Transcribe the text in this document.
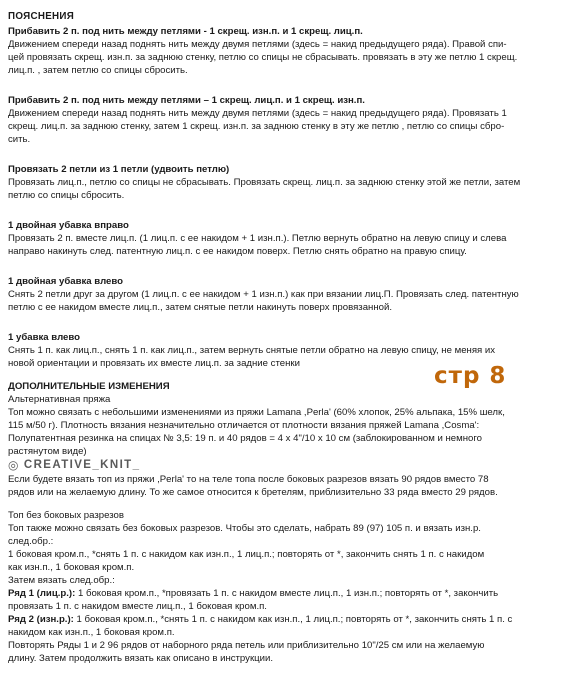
ПОЯСНЕНИЯ

Прибавить 2 п. под нить между петлями - 1 скрещ. изн.п. и 1 скрещ. лиц.п.

Движением спереди назад поднять нить между двумя петлями (здесь = накид предыдущего ряда). Правой спи-

цей провязать скрещ. изн.п. за заднюю стенку, петлю со спицы не сбрасывать. провязать в эту же петлю 1 скрещ.

лиц.п. , затем петлю со спицы сбросить.

Прибавить 2 п. под нить между петлями – 1 скрещ. лиц.п. и 1 скрещ. изн.п.

Движением спереди назад поднять нить между двумя петлями (здесь = накид предыдущего ряда). Провязать 1

скрещ. лиц.п. за заднюю стенку, затем 1 скрещ. изн.п. за заднюю стенку в эту же петлю , петлю со спицы сбро-

сить.

Провязать 2 петли из 1 петли (удвоить петлю)

Провязать лиц.п., петлю со спицы не сбрасывать. Провязать скрещ. лиц.п. за заднюю стенку этой же петли, затем

петлю со спицы сбросить.

1 двойная убавка вправо

Провязать 2 п. вместе лиц.п. (1 лиц.п. с ее накидом + 1 изн.п.). Петлю вернуть обратно на левую спицу и слева

направо накинуть след. патентную лиц.п. с ее накидом поверх. Петлю снять обратно на правую спицу.

1 двойная убавка влево

Снять 2 петли друг за другом (1 лиц.п. с ее накидом + 1 изн.п.) как при вязании лиц.П. Провязать след. патентную

петлю с ее накидом вместе лиц.п., затем снятые петли накинуть поверх провязанной.

1 убавка влево

Снять 1 п. как лиц.п., снять 1 п. как лиц.п., затем вернуть снятые петли обратно на левую спицу, не меняя их

новой ориентации и провязать их вместе лиц.п. за задние стенки

ДОПОЛНИТЕЛЬНЫЕ ИЗМЕНЕНИЯ

Альтернативная пряжа

Топ можно связать с небольшими изменениями из пряжи Lamana ,Perla' (60% хлопок, 25% альпака, 15% шелк,

115 м/50 г). Плотность вязания незначительно отличается от плотности вязания пряжей Lamana ,Cosma':

Полупатентная резинка на спицах № 3,5: 19 п. и 40 рядов = 4 х 4"/10 х 10 см (заблокированном и немного

растянутом виде)

◎ CREATIVE_KNIT_

Если будете вязать топ из пряжи ,Perla' то на теле топа после боковых разрезов вязать 90 рядов вместо 78

рядов или на желаемую длину. То же самое относится к бретелям, приблизительно 33 ряда вместо 29 рядов.

Топ без боковых разрезов

Топ также можно связать без боковых разрезов. Чтобы это сделать, набрать 89 (97) 105 п. и вязать изн.р.

след.обр.:

1 боковая кром.п., *снять 1 п. с накидом как изн.п., 1 лиц.п.; повторять от *, закончить снять 1 п. с накидом

как изн.п., 1 боковая кром.п.

Затем вязать след.обр.:

Ряд 1 (лиц.р.): 1 боковая кром.п., *провязать 1 п. с накидом вместе лиц.п., 1 изн.п.; повторять от *, закончить

провязать 1 п. с накидом вместе лиц.п., 1 боковая кром.п.

Ряд 2 (изн.р.): 1 боковая кром.п., *снять 1 п. с накидом как изн.п., 1 лиц.п.; повторять от *, закончить снять 1 п. с

накидом как изн.п., 1 боковая кром.п.

Повторять Ряды 1 и 2 96 рядов от наборного ряда петель или приблизительно 10"/25 см или на желаемую

длину. Затем продолжить вязать как описано в инструкции.

стр 8
